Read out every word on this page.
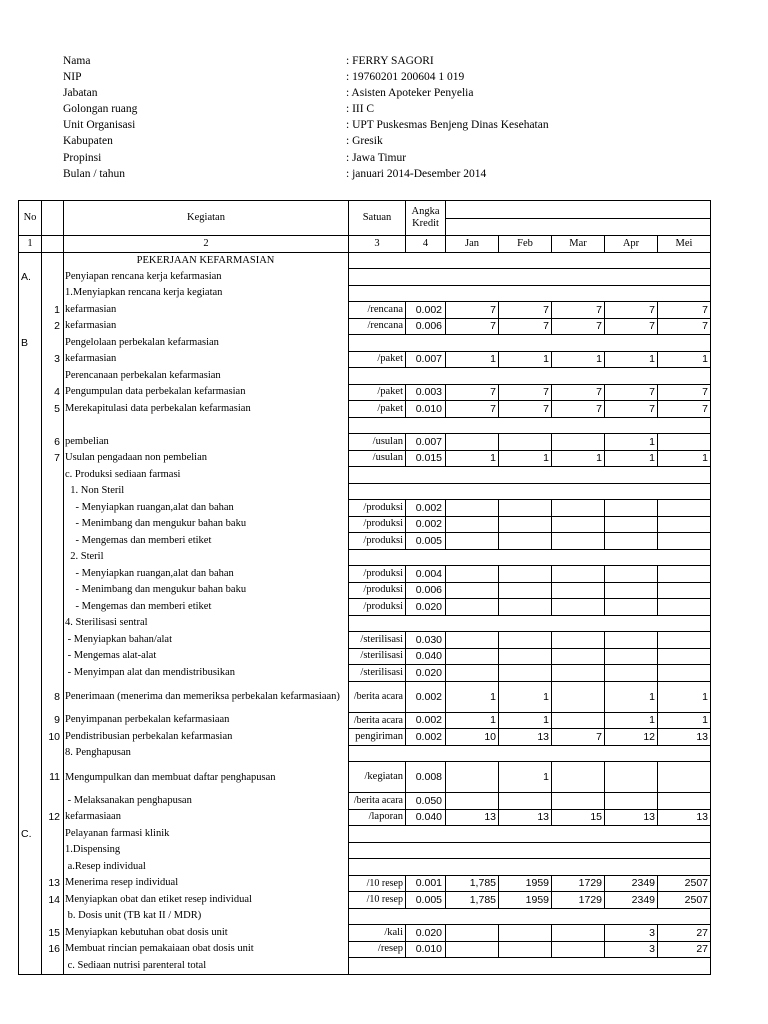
Nama	: FERRY SAGORI
NIP	: 19760201 200604 1 019
Jabatan	: Asisten Apoteker Penyelia
Golongan ruang	: III C
Unit Organisasi	: UPT Puskesmas Benjeng Dinas Kesehatan
Kabupaten	: Gresik
Propinsi	: Jawa Timur
Bulan / tahun	: januari 2014-Desember 2014
No		Kegiatan	Satuan	Angka Kredit					

1		2	3	4	Jan	Feb	Mar	Apr	Mei
		PEKERJAAN KEFARMASIAN							
A.		Penyiapan rencana kerja kefarmasian							
		1.Menyiapkan rencana kerja kegiatan							
	1	kefarmasian	/rencana	0.002	7	7	7	7	7
	2	kefarmasian	/rencana	0.006	7	7	7	7	7
B		Pengelolaan perbekalan kefarmasian							
	3	kefarmasian	/paket	0.007	1	1	1	1	1
		Perencanaan perbekalan kefarmasian							
	4	Pengumpulan data perbekalan kefarmasian	/paket	0.003	7	7	7	7	7
	5	Merekapitulasi data perbekalan kefarmasian	/paket	0.010	7	7	7	7	7

	6	pembelian	/usulan	0.007				1	
	7	Usulan pengadaan non pembelian	/usulan	0.015	1	1	1	1	1
		c. Produksi sediaan farmasi							
		1. Non Steril							
		- Menyiapkan ruangan,alat dan bahan	/produksi	0.002					
		- Menimbang dan mengukur bahan baku	/produksi	0.002					
		- Mengemas dan memberi etiket	/produksi	0.005					
		2. Steril							
		- Menyiapkan ruangan,alat dan bahan	/produksi	0.004					
		- Menimbang dan mengukur bahan baku	/produksi	0.006					
		- Mengemas dan memberi etiket	/produksi	0.020					
		4. Sterilisasi sentral							
		- Menyiapkan bahan/alat	/sterilisasi	0.030					
		- Mengemas alat-alat	/sterilisasi	0.040					
		- Menyimpan alat dan mendistribusikan	/sterilisasi	0.020					
	8	Penerimaan (menerima dan memeriksa perbekalan kefarmasiaan)	/berita acara	0.002	1	1		1	1
	9	Penyimpanan perbekalan kefarmasiaan	/berita acara	0.002	1	1		1	1
	10	Pendistribusian perbekalan kefarmasian	pengiriman	0.002	10	13	7	12	13
		8. Penghapusan							
	11	Mengumpulkan dan membuat daftar penghapusan	/kegiatan	0.008		1			
		- Melaksanakan penghapusan	/berita acara	0.050					
	12	kefarmasiaan	/laporan	0.040	13	13	15	13	13
C.		Pelayanan farmasi klinik							
		1.Dispensing							
		a.Resep individual							
	13	Menerima resep individual	/10 resep	0.001	1,785	1959	1729	2349	2507
	14	Menyiapkan obat dan etiket resep individual	/10 resep	0.005	1,785	1959	1729	2349	2507
		b. Dosis unit (TB kat II / MDR)							
	15	Menyiapkan kebutuhan obat dosis unit	/kali	0.020				3	27
	16	Membuat rincian pemakaiaan obat dosis unit	/resep	0.010				3	27
		c. Sediaan nutrisi parenteral total							
